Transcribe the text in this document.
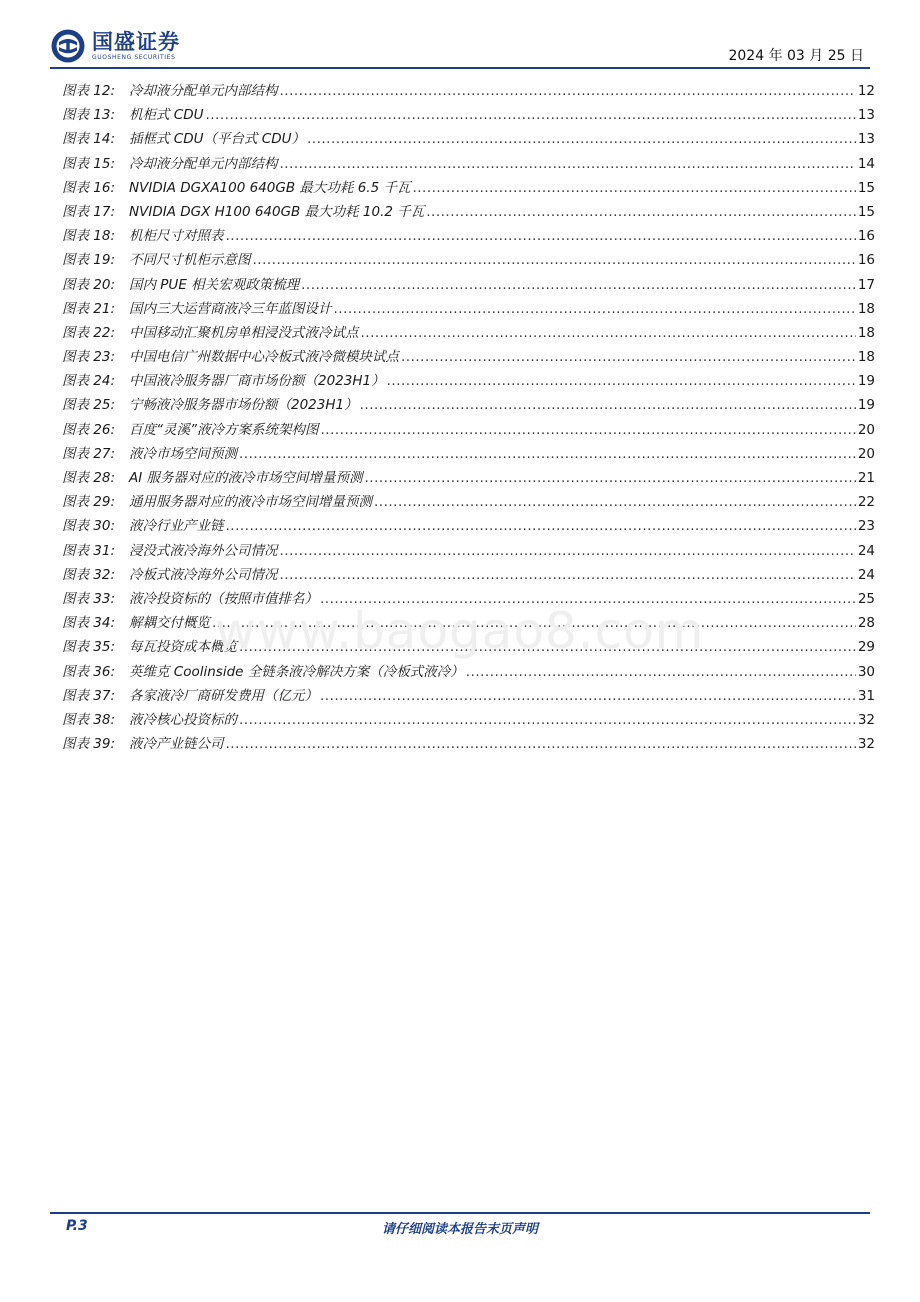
国盛证券
GUOSHENG SECURITIES	2024 年 03 月 25 日
图表 12:	冷却液分配单元内部结构 .....	12
图表 13:	机柜式 CDU .....	13
图表 14:	插框式 CDU（平台式 CDU） .....	13
图表 15:	冷却液分配单元内部结构 .....	14
图表 16:	NVIDIA DGXA100 640GB 最大功耗 6.5 千瓦 .....	15
图表 17:	NVIDIA DGX H100 640GB 最大功耗 10.2 千瓦 .....	15
图表 18:	机柜尺寸对照表 .....	16
图表 19:	不同尺寸机柜示意图 .....	16
图表 20:	国内 PUE 相关宏观政策梳理 .....	17
图表 21:	国内三大运营商液冷三年蓝图设计 .....	18
图表 22:	中国移动汇聚机房单相浸没式液冷试点 .....	18
图表 23:	中国电信广州数据中心冷板式液冷微模块试点 .....	18
图表 24:	中国液冷服务器厂商市场份额（2023H1） .....	19
图表 25:	宁畅液冷服务器市场份额（2023H1） .....	19
图表 26:	百度“灵溪”液冷方案系统架构图 .....	20
图表 27:	液冷市场空间预测 .....	20
图表 28:	AI 服务器对应的液冷市场空间增量预测 .....	21
图表 29:	通用服务器对应的液冷市场空间增量预测 .....	22
图表 30:	液冷行业产业链 .....	23
图表 31:	浸没式液冷海外公司情况 .....	24
图表 32:	冷板式液冷海外公司情况 .....	24
图表 33:	液冷投资标的（按照市值排名） .....	25
图表 34:	解耦交付概览 .....	28
图表 35:	每瓦投资成本概览 .....	29
图表 36:	英维克 Coolinside 全链条液冷解决方案（冷板式液冷） .....	30
图表 37:	各家液冷厂商研发费用（亿元） .....	31
图表 38:	液冷核心投资标的 .....	32
图表 39:	液冷产业链公司 .....	32
www.baogao8.com
请仔细阅读本报告末页声明
P.3
